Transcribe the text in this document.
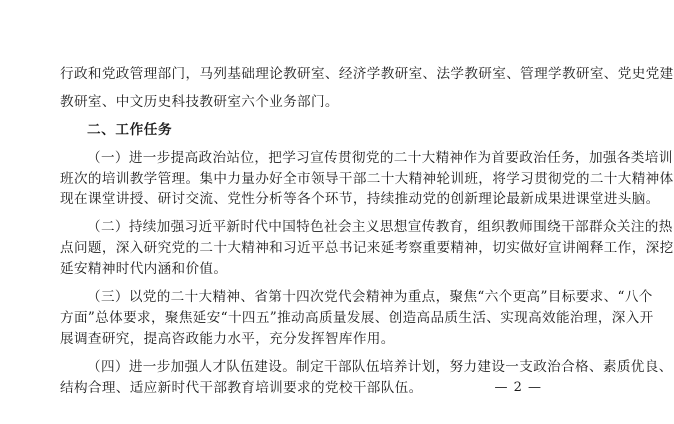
行政和党政管理部门，马列基础理论教研室、经济学教研室、法学教研室、管理学教研室、党史党建
教研室、中文历史科技教研室六个业务部门。
二、工作任务
（一）进一步提高政治站位，把学习宣传贯彻党的二十大精神作为首要政治任务，加强各类培训
班次的培训教学管理。集中力量办好全市领导干部二十大精神轮训班，将学习贯彻党的二十大精神体
现在课堂讲授、研讨交流、党性分析等各个环节，持续推动党的创新理论最新成果进课堂进头脑。
（二）持续加强习近平新时代中国特色社会主义思想宣传教育，组织教师围绕干部群众关注的热
点问题，深入研究党的二十大精神和习近平总书记来延考察重要精神，切实做好宣讲阐释工作，深挖
延安精神时代内涵和价值。
（三）以党的二十大精神、省第十四次党代会精神为重点，聚焦“六个更高”目标要求、“八个
方面”总体要求，聚焦延安“十四五”推动高质量发展、创造高品质生活、实现高效能治理，深入开
展调查研究，提高咨政能力水平，充分发挥智库作用。
（四）进一步加强人才队伍建设。制定干部队伍培养计划，努力建设一支政治合格、素质优良、
结构合理、适应新时代干部教育培训要求的党校干部队伍。	— 2 —
